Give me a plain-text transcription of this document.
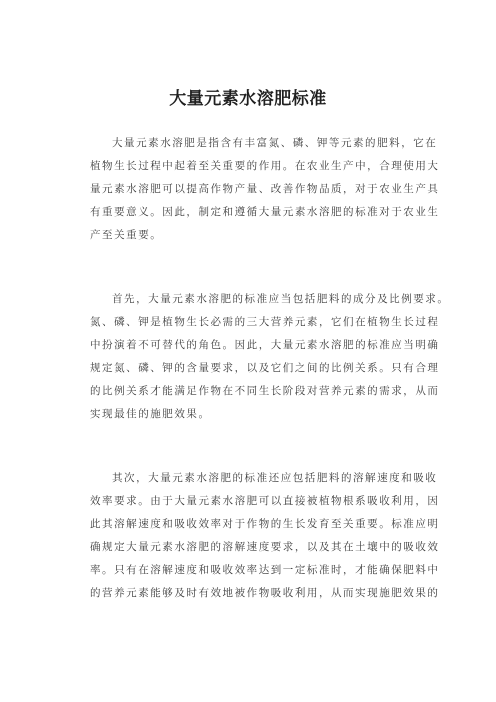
大量元素水溶肥标准
大量元素水溶肥是指含有丰富氮、磷、钾等元素的肥料，它在
植物生长过程中起着至关重要的作用。在农业生产中，合理使用大
量元素水溶肥可以提高作物产量、改善作物品质，对于农业生产具
有重要意义。因此，制定和遵循大量元素水溶肥的标准对于农业生
产至关重要。
首先，大量元素水溶肥的标准应当包括肥料的成分及比例要求。
氮、磷、钾是植物生长必需的三大营养元素，它们在植物生长过程
中扮演着不可替代的角色。因此，大量元素水溶肥的标准应当明确
规定氮、磷、钾的含量要求，以及它们之间的比例关系。只有合理
的比例关系才能满足作物在不同生长阶段对营养元素的需求，从而
实现最佳的施肥效果。
其次，大量元素水溶肥的标准还应包括肥料的溶解速度和吸收
效率要求。由于大量元素水溶肥可以直接被植物根系吸收利用，因
此其溶解速度和吸收效率对于作物的生长发育至关重要。标准应明
确规定大量元素水溶肥的溶解速度要求，以及其在土壤中的吸收效
率。只有在溶解速度和吸收效率达到一定标准时，才能确保肥料中
的营养元素能够及时有效地被作物吸收利用，从而实现施肥效果的
